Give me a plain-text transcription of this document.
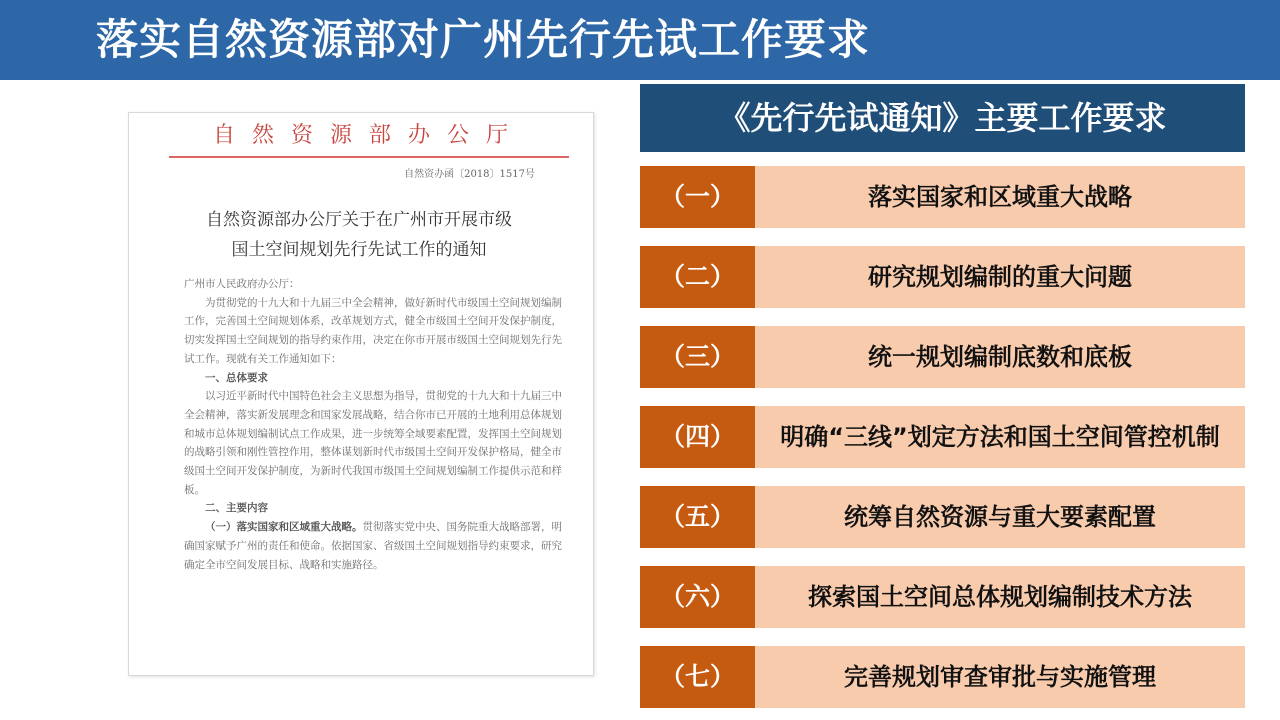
落实自然资源部对广州先行先试工作要求
自然资源部办公厅
自然资办函〔2018〕1517号
自然资源部办公厅关于在广州市开展市级
国土空间规划先行先试工作的通知

广州市人民政府办公厅：

为贯彻党的十九大和十九届三中全会精神，做好新时代市级国土空间规划编制工作，完善国土空间规划体系，改革规划方式，健全市级国土空间开发保护制度，切实发挥国土空间规划的指导约束作用，决定在你市开展市级国土空间规划先行先试工作。现就有关工作通知如下：

一、总体要求

以习近平新时代中国特色社会主义思想为指导，贯彻党的十九大和十九届三中全会精神，落实新发展理念和国家发展战略，结合你市已开展的土地利用总体规划和城市总体规划编制试点工作成果，进一步统筹全域要素配置，发挥国土空间规划的战略引领和刚性管控作用，整体谋划新时代市级国土空间开发保护格局，健全市级国土空间开发保护制度，为新时代我国市级国土空间规划编制工作提供示范和样板。

二、主要内容

（一）落实国家和区域重大战略。贯彻落实党中央、国务院重大战略部署，明确国家赋予广州的责任和使命。依据国家、省级国土空间规划指导约束要求，研究确定全市空间发展目标、战略和实施路径。

《先行先试通知》主要工作要求
（一）	落实国家和区域重大战略
（二）	研究规划编制的重大问题
（三）	统一规划编制底数和底板
（四）	明确“三线”划定方法和国土空间管控机制
（五）	统筹自然资源与重大要素配置
（六）	探索国土空间总体规划编制技术方法
（七）	完善规划审查审批与实施管理
